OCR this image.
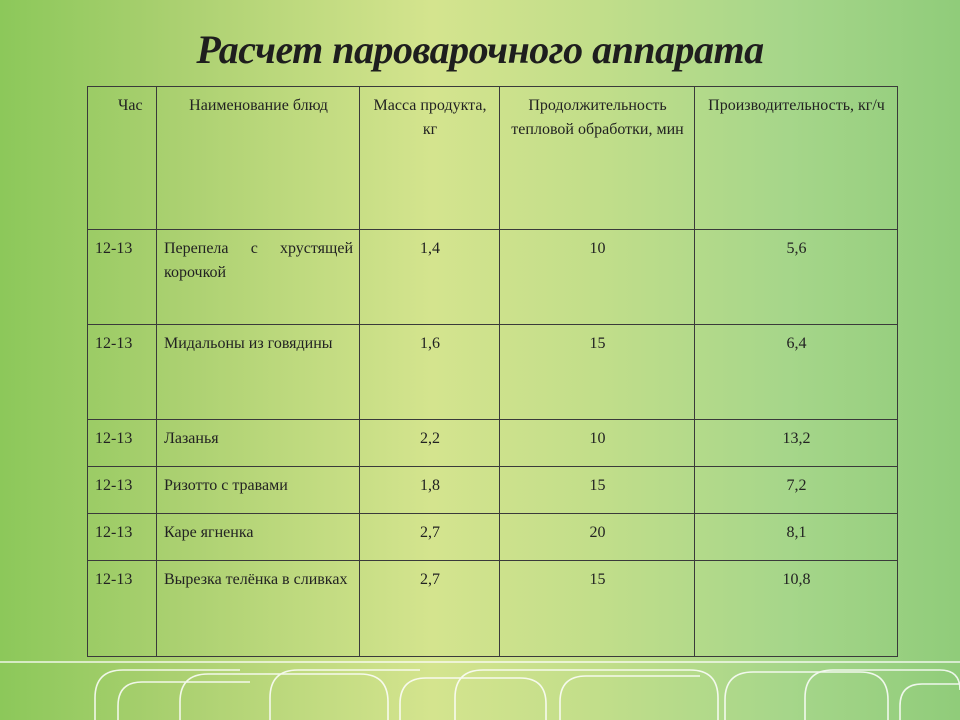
Расчет пароварочного аппарата
Час	Наименование блюд	Масса продукта, кг	Продолжительность тепловой обработки, мин	Производительность, кг/ч
12-13	Перепела с хрустящей корочкой	1,4	10	5,6
12-13	Мидальоны из говядины	1,6	15	6,4
12-13	Лазанья	2,2	10	13,2
12-13	Ризотто с травами	1,8	15	7,2
12-13	Каре ягненка	2,7	20	8,1
12-13	Вырезка телёнка в сливках	2,7	15	10,8
